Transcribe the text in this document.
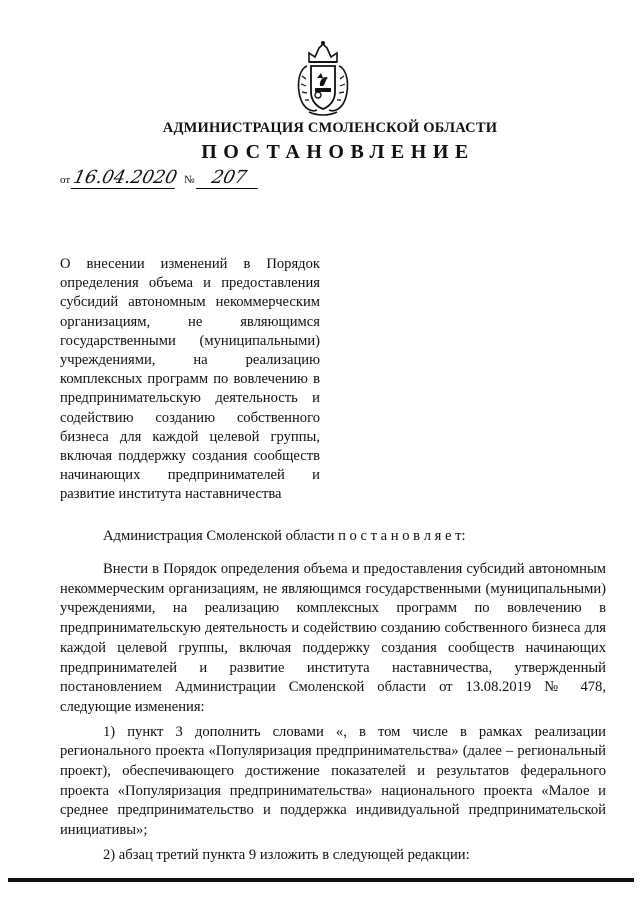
АДМИНИСТРАЦИЯ СМОЛЕНСКОЙ ОБЛАСТИ
ПОСТАНОВЛЕНИЕ
от 16.04.2020 № 207

О внесении изменений в Порядок определения объема и предоставления субсидий автономным некоммерческим организациям, не являющимся государственными (муниципальными) учреждениями, на реализацию комплексных программ по вовлечению в предпринимательскую деятельность и содействию созданию собственного бизнеса для каждой целевой группы, включая поддержку создания сообществ начинающих предпринимателей и развитие института наставничества

Администрация Смоленской области п о с т а н о в л я е т:

Внести в Порядок определения объема и предоставления субсидий автономным некоммерческим организациям, не являющимся государственными (муниципальными) учреждениями, на реализацию комплексных программ по вовлечению в предпринимательскую деятельность и содействию созданию собственного бизнеса для каждой целевой группы, включая поддержку создания сообществ начинающих предпринимателей и развитие института наставничества, утвержденный постановлением Администрации Смоленской области от 13.08.2019 № 478, следующие изменения:

1) пункт 3 дополнить словами «, в том числе в рамках реализации регионального проекта «Популяризация предпринимательства» (далее – региональный проект), обеспечивающего достижение показателей и результатов федерального проекта «Популяризация предпринимательства» национального проекта «Малое и среднее предпринимательство и поддержка индивидуальной предпринимательской инициативы»;

2) абзац третий пункта 9 изложить в следующей редакции:
